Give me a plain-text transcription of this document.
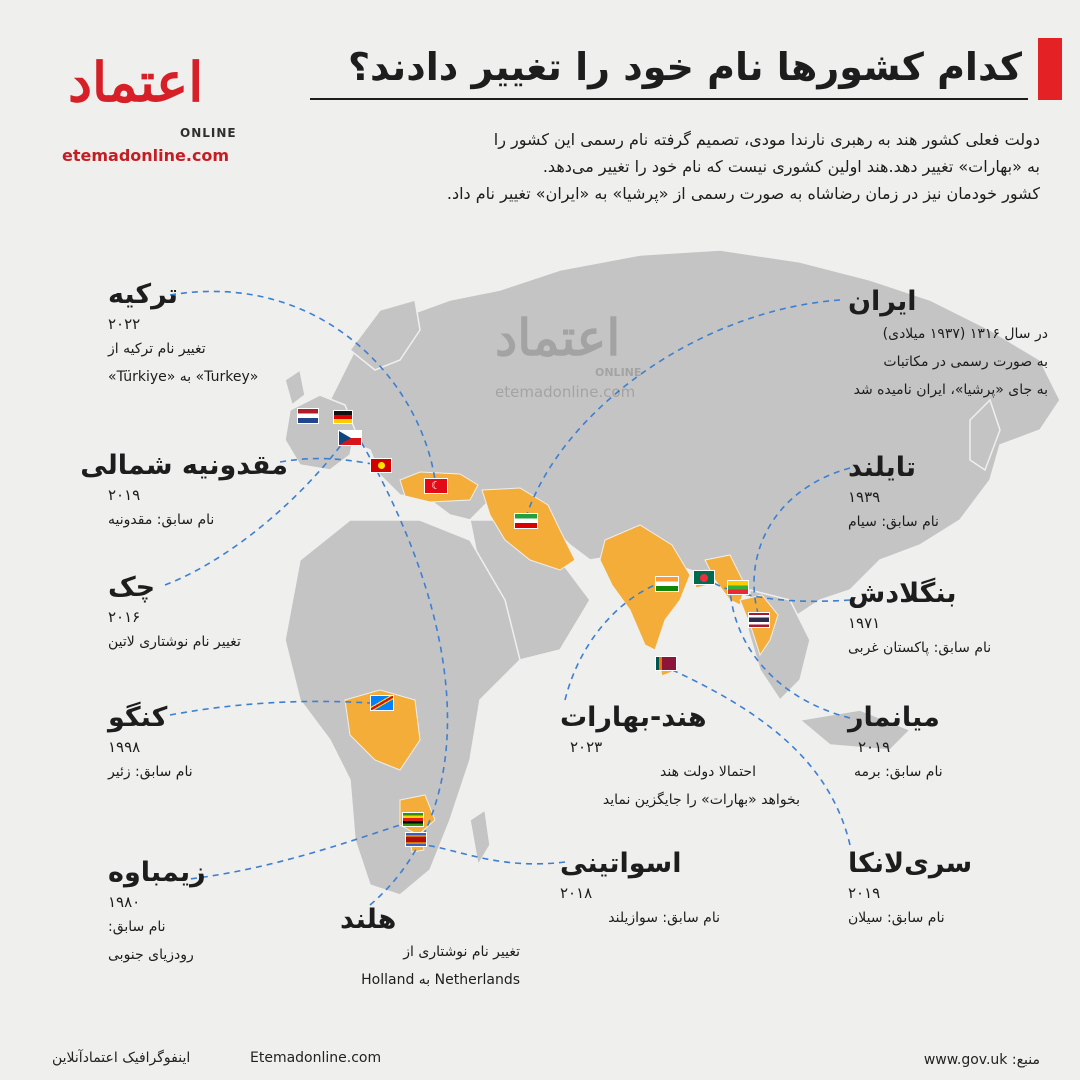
☾
اعتماد
ONLINE
etemadonline.com
اعتماد
ONLINE
etemadonline.com
کدام کشورها نام خود را تغییر دادند؟
دولت فعلی کشور هند به رهبری نارندا مودی، تصمیم گرفته نام رسمی این کشور را
به «بهارات» تغییر دهد.هند اولین کشوری نیست که نام خود را تغییر می‌دهد.
کشور خودمان نیز در زمان رضاشاه به صورت رسمی از «پرشیا» به «ایران» تغییر نام داد.
ترکیه
۲۰۲۲
تغییر نام ترکیه از
«Turkey» به «Türkiye»
مقدونیه شمالی
۲۰۱۹
نام سابق: مقدونیه
چک
۲۰۱۶
تغییر نام نوشتاری لاتین
کنگو
۱۹۹۸
نام سابق: زئیر
زیمباوه
۱۹۸۰
نام سابق:
رودزیای جنوبی
هلند
تغییر نام نوشتاری از
Netherlands به Holland
هند-بهارات
۲۰۲۳
احتمالا دولت هند
بخواهد «بهارات» را جایگزین نماید
اسواتینی
۲۰۱۸
نام سابق: سوازیلند
ایران
در سال ۱۳۱۶ (۱۹۳۷ میلادی)
به صورت رسمی در مکاتبات
به جای «پرشیا»، ایران نامیده شد
تایلند
۱۹۳۹
نام سابق: سیام
بنگلادش
۱۹۷۱
نام سابق: پاکستان غربی
میانمار
۲۰۱۹
نام سابق: برمه
سری‌لانکا
۲۰۱۹
نام سابق: سیلان
اینفوگرافیک اعتمادآنلاین	Etemadonline.com	منبع: www.gov.uk
